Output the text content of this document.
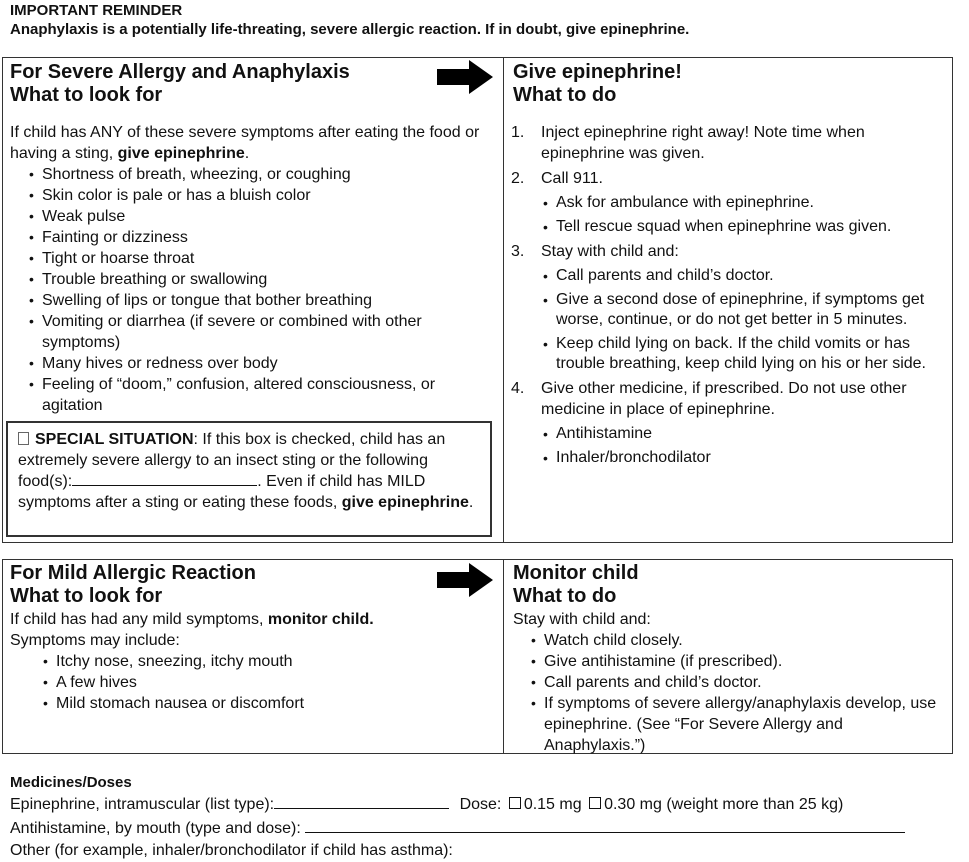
IMPORTANT REMINDER
Anaphylaxis is a potentially life-threating, severe allergic reaction. If in doubt, give epinephrine.
For Severe Allergy and Anaphylaxis
What to look for
If child has ANY of these severe symptoms after eating the food or having a sting, give epinephrine.
• Shortness of breath, wheezing, or coughing
• Skin color is pale or has a bluish color
• Weak pulse
• Fainting or dizziness
• Tight or hoarse throat
• Trouble breathing or swallowing
• Swelling of lips or tongue that bother breathing
• Vomiting or diarrhea (if severe or combined with other symptoms)
• Many hives or redness over body
• Feeling of “doom,” confusion, altered consciousness, or agitation
SPECIAL SITUATION: If this box is checked, child has an extremely severe allergy to an insect sting or the following food(s):	. Even if child has MILD symptoms after a sting or eating these foods, give epinephrine.
Give epinephrine!
What to do
1. Inject epinephrine right away! Note time when epinephrine was given.
2. Call 911.
• Ask for ambulance with epinephrine.
• Tell rescue squad when epinephrine was given.
3. Stay with child and:
• Call parents and child’s doctor.
• Give a second dose of epinephrine, if symptoms get worse, continue, or do not get better in 5 minutes.
• Keep child lying on back. If the child vomits or has trouble breathing, keep child lying on his or her side.
4. Give other medicine, if prescribed. Do not use other medicine in place of epinephrine.
• Antihistamine
• Inhaler/bronchodilator
For Mild Allergic Reaction
What to look for
If child has had any mild symptoms, monitor child.
Symptoms may include:
• Itchy nose, sneezing, itchy mouth
• A few hives
• Mild stomach nausea or discomfort
Monitor child
What to do
Stay with child and:
• Watch child closely.
• Give antihistamine (if prescribed).
• Call parents and child’s doctor.
• If symptoms of severe allergy/anaphylaxis develop, use epinephrine. (See “For Severe Allergy and Anaphylaxis.”)
Medicines/Doses
Epinephrine, intramuscular (list type):	Dose: 0.15 mg 0.30 mg (weight more than 25 kg)
Antihistamine, by mouth (type and dose):
Other (for example, inhaler/bronchodilator if child has asthma):
